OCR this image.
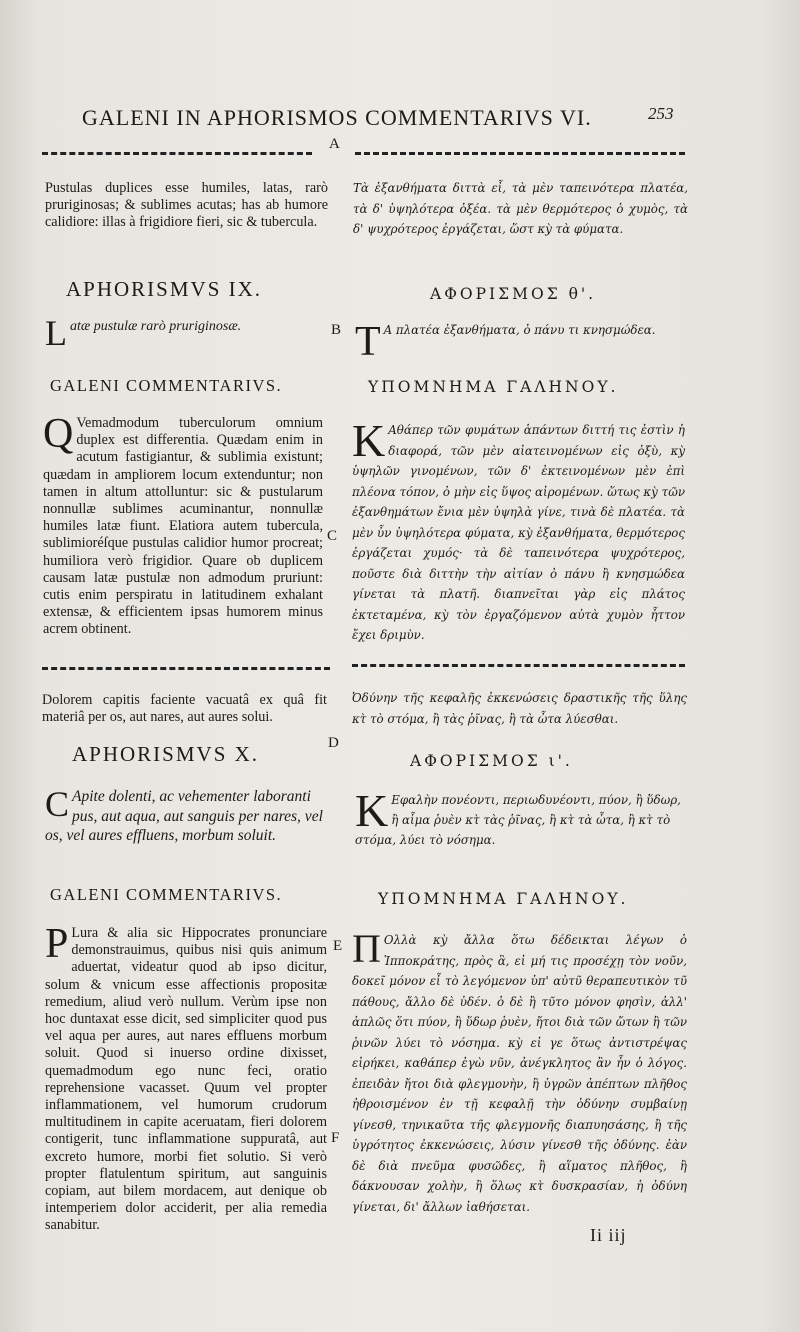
GALENI IN APHORISMOS COMMENTARIVS VI.	253
A
Pustulas duplices esse humiles, latas, rarò pruriginosas; & sublimes acutas; has ab humore calidiore: illas à frigidiore fieri, sic & tubercula.
Τὰ ἐξανθήματα διττὰ εἶ, τὰ μὲν ταπεινότερα πλατέα, τὰ δ' ὑψηλότερα ὀξέα. τὰ μὲν θερμότερος ὁ χυμὸς, τὰ δ' ψυχρότερος ἐργάζεται, ὥστ κỳ τὰ φύματα.
APHORISMVS IX.	ΑΦΟΡΙΣΜΟΣ θ'.
L atæ pustulæ rarò pruriginosæ.	B T Α πλατέα ἐξανθήματα, ὀ πάνυ τι κνησμώδεα.
GALENI COMMENTARIVS.	ΥΠΟΜΝΗΜΑ ΓΑΛΗΝΟΥ.
Q Vemadmodum tuberculorum omnium duplex est differentia. Quædam enim in acutum fastigiantur, & sublimia existunt; quædam in ampliorem locum extenduntur; non tamen in altum attolluntur: sic & pustularum nonnullæ sublimes acuminantur, nonnullæ humiles latæ fiunt. Elatiora autem tubercula, sublimioréſque pustulas calidior humor procreat; humiliora verò frigidior. Quare ob duplicem causam latæ pustulæ non admodum pruriunt: cutis enim perspiratu in latitudinem exhalant extensæ, & efficientem ipsas humorem minus acrem obtinent.
C
K Αθάπερ τῶν φυμάτων ἁπάντων διττή τις ἐστὶν ἡ διαφορά, τῶν μὲν αἰατεινομένων εἰς ὀξὺ, κỳ ὑψηλῶν γινομένων, τῶν δ' ἐκτεινομένων μὲν ἐπὶ πλέονα τόπον, ὀ μὴν εἰς ὕψος αἰρομένων. ὥτως κỳ τῶν ἐξανθημάτων ἔνια μὲν ὑψηλὰ γίνε, τινὰ δὲ πλατέα. τὰ μὲν ὖν ὑψηλότερα φύματα, κỳ ἐξανθήματα, θερμότερος ἐργάζεται χυμός· τὰ δὲ ταπεινότερα ψυχρότερος, ποῦστε διὰ διττὴν τὴν αἰτίαν ὀ πάνυ ἢ κνησμώδεα γίνεται τὰ πλατῆ. διαπνεῖται γὰρ εἰς πλάτος ἐκτεταμένα, κỳ τὸν ἐργαζόμενον αὐτὰ χυμὸν ἧττον ἔχει δριμὺν.
Dolorem capitis faciente vacuatâ ex quâ fit materiâ per os, aut nares, aut aures solui.
Ὀδύνην τῆς κεφαλῆς ἐκκενώσεις δραστικῆς τῆς ὕλης κτ̀ τὸ στόμα, ἢ τὰς ῥῖνας, ἢ τὰ ὦτα λύεσθαι.
APHORISMVS X.	D
ΑΦΟΡΙΣΜΟΣ ι'.
C Apite dolenti, ac vehementer laboranti pus, aut aqua, aut sanguis per nares, vel os, vel aures effluens, morbum soluit.	K Εφαλὴν πονέοντι, περιωδυνέοντι, πύον, ἢ ὕδωρ, ἢ αἷμα ῥυὲν κτ̀ τὰς ῥῖνας, ἢ κτ̀ τὰ ὦτα, ἢ κτ̀ τὸ στόμα, λύει τὸ νόσημα.
GALENI COMMENTARIVS.	ΥΠΟΜΝΗΜΑ ΓΑΛΗΝΟΥ.
P Lura & alia sic Hippocrates pronunciare demonstrauimus, quibus nisi quis animum aduertat, videatur quod ab ipso dicitur, solum & vnicum esse affectionis propositæ remedium, aliud verò nullum. Verùm ipse non hoc duntaxat esse dicit, sed simpliciter quod pus vel aqua per aures, aut nares effluens morbum soluit. Quod si inuerso ordine dixisset, quemadmodum ego nunc feci, oratio reprehensione vacasset. Quum vel propter inflammationem, vel humorum crudorum multitudinem in capite aceruatam, fieri dolorem contigerit, tunc inflammatione suppuratâ, aut excreto humore, morbi fiet solutio. Si verò propter flatulentum spiritum, aut sanguinis copiam, aut bilem mordacem, aut denique ob intemperiem dolor acciderit, per alia remedia sanabitur.
E
F
Π Ολλὰ κỳ ἄλλα ὅτω δέδεικται λέγων ὁ Ἱπποκράτης, πρὸς ἃ, εἰ μή τις προσέχῃ τὸν νοῦν, δοκεῖ μόνον εἶ τὸ λεγόμενον ὑπ' αὐτῦ θεραπευτικὸν τῦ πάθους, ἄλλο δὲ ὐδέν. ὁ δὲ ἢ τῦτο μόνον φησὶν, ἀλλ' ἁπλῶς ὅτι πύον, ἢ ὕδωρ ῥυὲν, ἤτοι διὰ τῶν ὤτων ἢ τῶν ῥινῶν λύει τὸ νόσημα. κỳ εἰ γε ὅτως ἀντιστρέψας εἰρήκει, καθάπερ ἐγὼ νῦν, ἀνέγκλητος ἂν ἦν ὁ λόγος. ἐπειδὰν ἤτοι διὰ φλεγμονὴν, ἢ ὑγρῶν ἀπέπτων πλῆθος ἠθροισμένον ἐν τῇ κεφαλῇ τὴν ὀδύνην συμβαίνῃ γίνεσθ, τηνικαῦτα τῆς φλεγμονῆς διαπυησάσης, ἢ τῆς ὑγρότητος ἐκκενώσεις, λύσιν γίνεσθ τῆς ὀδύνης. ἐὰν δὲ διὰ πνεῦμα φυσῶδες, ἢ αἵματος πλῆθος, ἢ δάκνουσαν χολὴν, ἢ ὅλως κτ̀ δυσκρασίαν, ἡ ὀδύνη γίνεται, δι' ἄλλων ἰαθήσεται.
Ii iij
